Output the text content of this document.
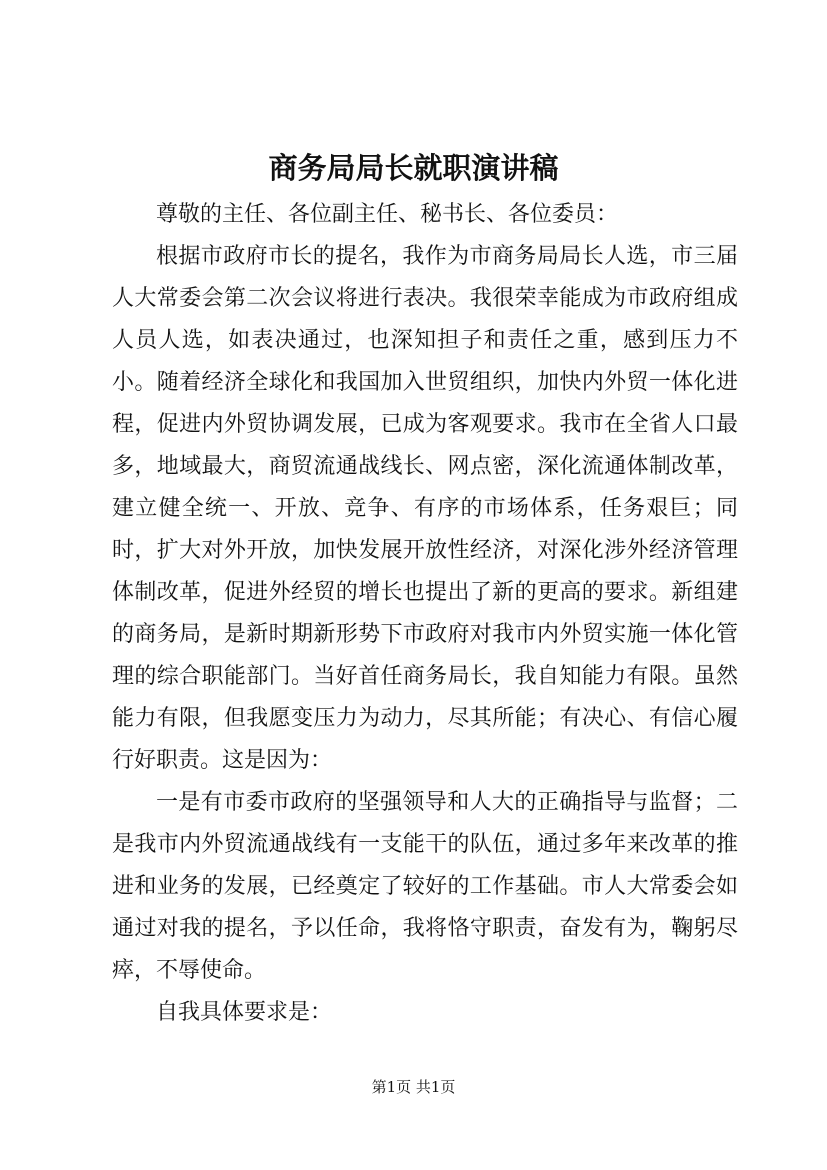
商务局局长就职演讲稿

尊敬的主任、各位副主任、秘书长、各位委员：

根据市政府市长的提名，我作为市商务局局长人选，市三届人大常委会第二次会议将进行表决。我很荣幸能成为市政府组成人员人选，如表决通过，也深知担子和责任之重，感到压力不小。随着经济全球化和我国加入世贸组织，加快内外贸一体化进程，促进内外贸协调发展，已成为客观要求。我市在全省人口最多，地域最大，商贸流通战线长、网点密，深化流通体制改革，建立健全统一、开放、竞争、有序的市场体系，任务艰巨；同时，扩大对外开放，加快发展开放性经济，对深化涉外经济管理体制改革，促进外经贸的增长也提出了新的更高的要求。新组建的商务局，是新时期新形势下市政府对我市内外贸实施一体化管理的综合职能部门。当好首任商务局长，我自知能力有限。虽然能力有限，但我愿变压力为动力，尽其所能；有决心、有信心履行好职责。这是因为：

一是有市委市政府的坚强领导和人大的正确指导与监督；二是我市内外贸流通战线有一支能干的队伍，通过多年来改革的推进和业务的发展，已经奠定了较好的工作基础。市人大常委会如通过对我的提名，予以任命，我将恪守职责，奋发有为，鞠躬尽瘁，不辱使命。

自我具体要求是：

第1页 共1页
